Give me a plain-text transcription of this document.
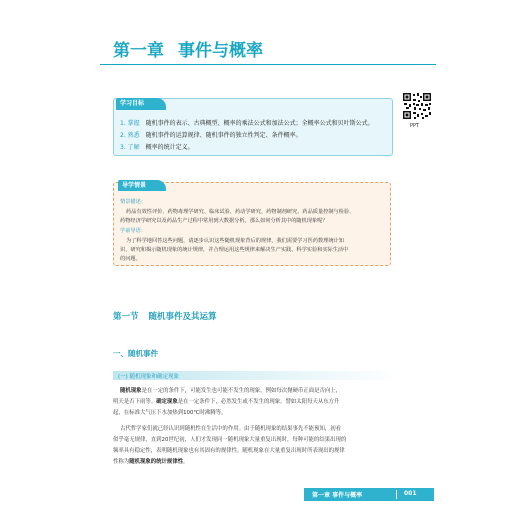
第一章 事件与概率
1. 掌握 随机事件的表示、古典概型、概率的乘法公式和加法公式；全概率公式和贝叶斯公式。
2. 熟悉 随机事件的运算规律、随机事件的独立性判定、条件概率。
3. 了解 概率的统计定义。
学习目标
PPT
情景描述：
药品有效性评价、药物毒理学研究、临床试验、药动学研究、药物制剂研究、药品质量控制与检验、
药物经济学研究以及药品生产过程中常用到大数据分析。那么如何分析其中的随机现象呢？
学前导语：
为了科学地回答这些问题，请逐步认识这些随机现象背后的规律，我们需要学习医药数理统计知
识，研究和揭示随机现象的统计规律，并合理运用这些规律来解决生产实践、科学实验和实际生活中
的问题。
导学情景
第一节 随机事件及其运算
一、随机事件
(一) 随机现象和确定现象
随机现象是在一定的条件下，可能发生也可能不发生的现象。例如每次抛硬币正面是否向上，
明天是否下雨等。确定现象是在一定条件下，必然发生或不发生的现象。譬如太阳每天从东方升
起，在标准大气压下水加热到100℃时沸腾等。
古代哲学家们就已经认识到随机性在生活中的作用。由于随机现象的结果事先不能预知，初看
似乎毫无规律，直到20世纪初，人们才发现同一随机现象大量重复出现时，每种可能的结果出现的
频率具有稳定性，表明随机现象也有其固有的规律性。随机现象在大量重复出现时所表现出的规律
性称为随机现象的统计规律性。
第一章 事件与概率	001
